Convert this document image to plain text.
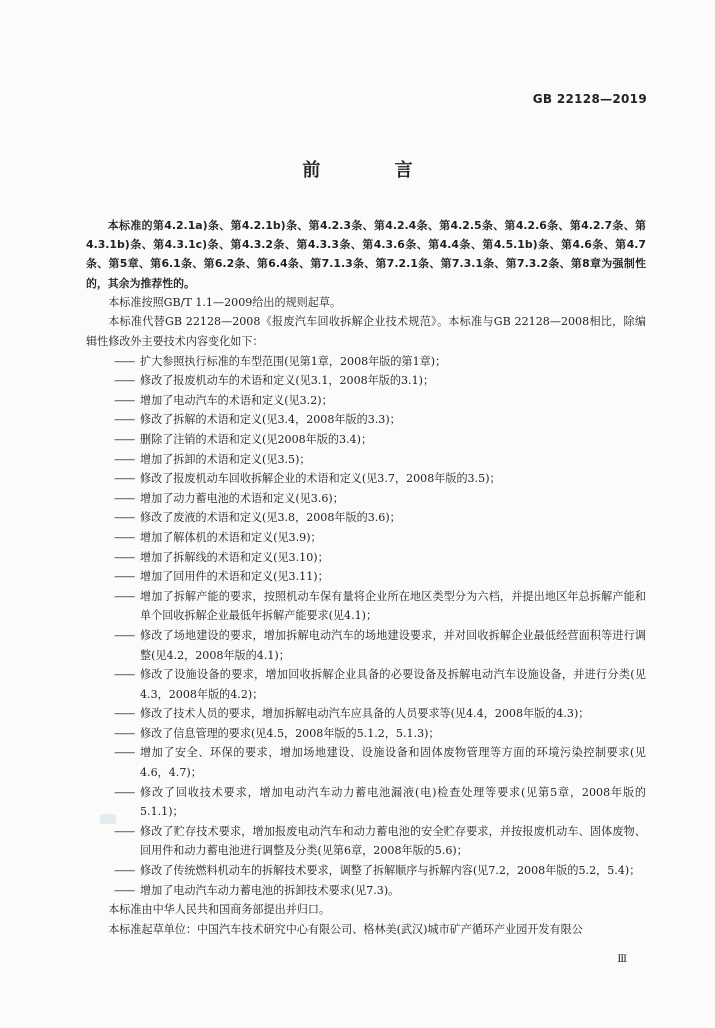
GB 22128—2019
前 言

本标准的第4.2.1a)条、第4.2.1b)条、第4.2.3条、第4.2.4条、第4.2.5条、第4.2.6条、第4.2.7条、第4.3.1b)条、第4.3.1c)条、第4.3.2条、第4.3.3条、第4.3.6条、第4.4条、第4.5.1b)条、第4.6条、第4.7条、第5章、第6.1条、第6.2条、第6.4条、第7.1.3条、第7.2.1条、第7.3.1条、第7.3.2条、第8章为强制性的，其余为推荐性的。

本标准按照GB/T 1.1—2009给出的规则起草。

本标准代替GB 22128—2008《报废汽车回收拆解企业技术规范》。本标准与GB 22128—2008相比，除编辑性修改外主要技术内容变化如下：

—— 扩大参照执行标准的车型范围(见第1章，2008年版的第1章)；
—— 修改了报废机动车的术语和定义(见3.1，2008年版的3.1)；
—— 增加了电动汽车的术语和定义(见3.2)；
—— 修改了拆解的术语和定义(见3.4，2008年版的3.3)；
—— 删除了注销的术语和定义(见2008年版的3.4)；
—— 增加了拆卸的术语和定义(见3.5)；
—— 修改了报废机动车回收拆解企业的术语和定义(见3.7，2008年版的3.5)；
—— 增加了动力蓄电池的术语和定义(见3.6)；
—— 修改了废液的术语和定义(见3.8，2008年版的3.6)；
—— 增加了解体机的术语和定义(见3.9)；
—— 增加了拆解线的术语和定义(见3.10)；
—— 增加了回用件的术语和定义(见3.11)；
—— 增加了拆解产能的要求，按照机动车保有量将企业所在地区类型分为六档，并提出地区年总拆解产能和单个回收拆解企业最低年拆解产能要求(见4.1)；
—— 修改了场地建设的要求，增加拆解电动汽车的场地建设要求，并对回收拆解企业最低经营面积等进行调整(见4.2，2008年版的4.1)；
—— 修改了设施设备的要求，增加回收拆解企业具备的必要设备及拆解电动汽车设施设备，并进行分类(见4.3，2008年版的4.2)；
—— 修改了技术人员的要求，增加拆解电动汽车应具备的人员要求等(见4.4，2008年版的4.3)；
—— 修改了信息管理的要求(见4.5，2008年版的5.1.2，5.1.3)；
—— 增加了安全、环保的要求，增加场地建设、设施设备和固体废物管理等方面的环境污染控制要求(见4.6，4.7)；
—— 修改了回收技术要求，增加电动汽车动力蓄电池漏液(电)检查处理等要求(见第5章，2008年版的5.1.1)；
—— 修改了贮存技术要求，增加报废电动汽车和动力蓄电池的安全贮存要求，并按报废机动车、固体废物、回用件和动力蓄电池进行调整及分类(见第6章，2008年版的5.6)；
—— 修改了传统燃料机动车的拆解技术要求，调整了拆解顺序与拆解内容(见7.2，2008年版的5.2，5.4)；
—— 增加了电动汽车动力蓄电池的拆卸技术要求(见7.3)。

本标准由中华人民共和国商务部提出并归口。

本标准起草单位：中国汽车技术研究中心有限公司、格林美(武汉)城市矿产循环产业园开发有限公

Ⅲ
